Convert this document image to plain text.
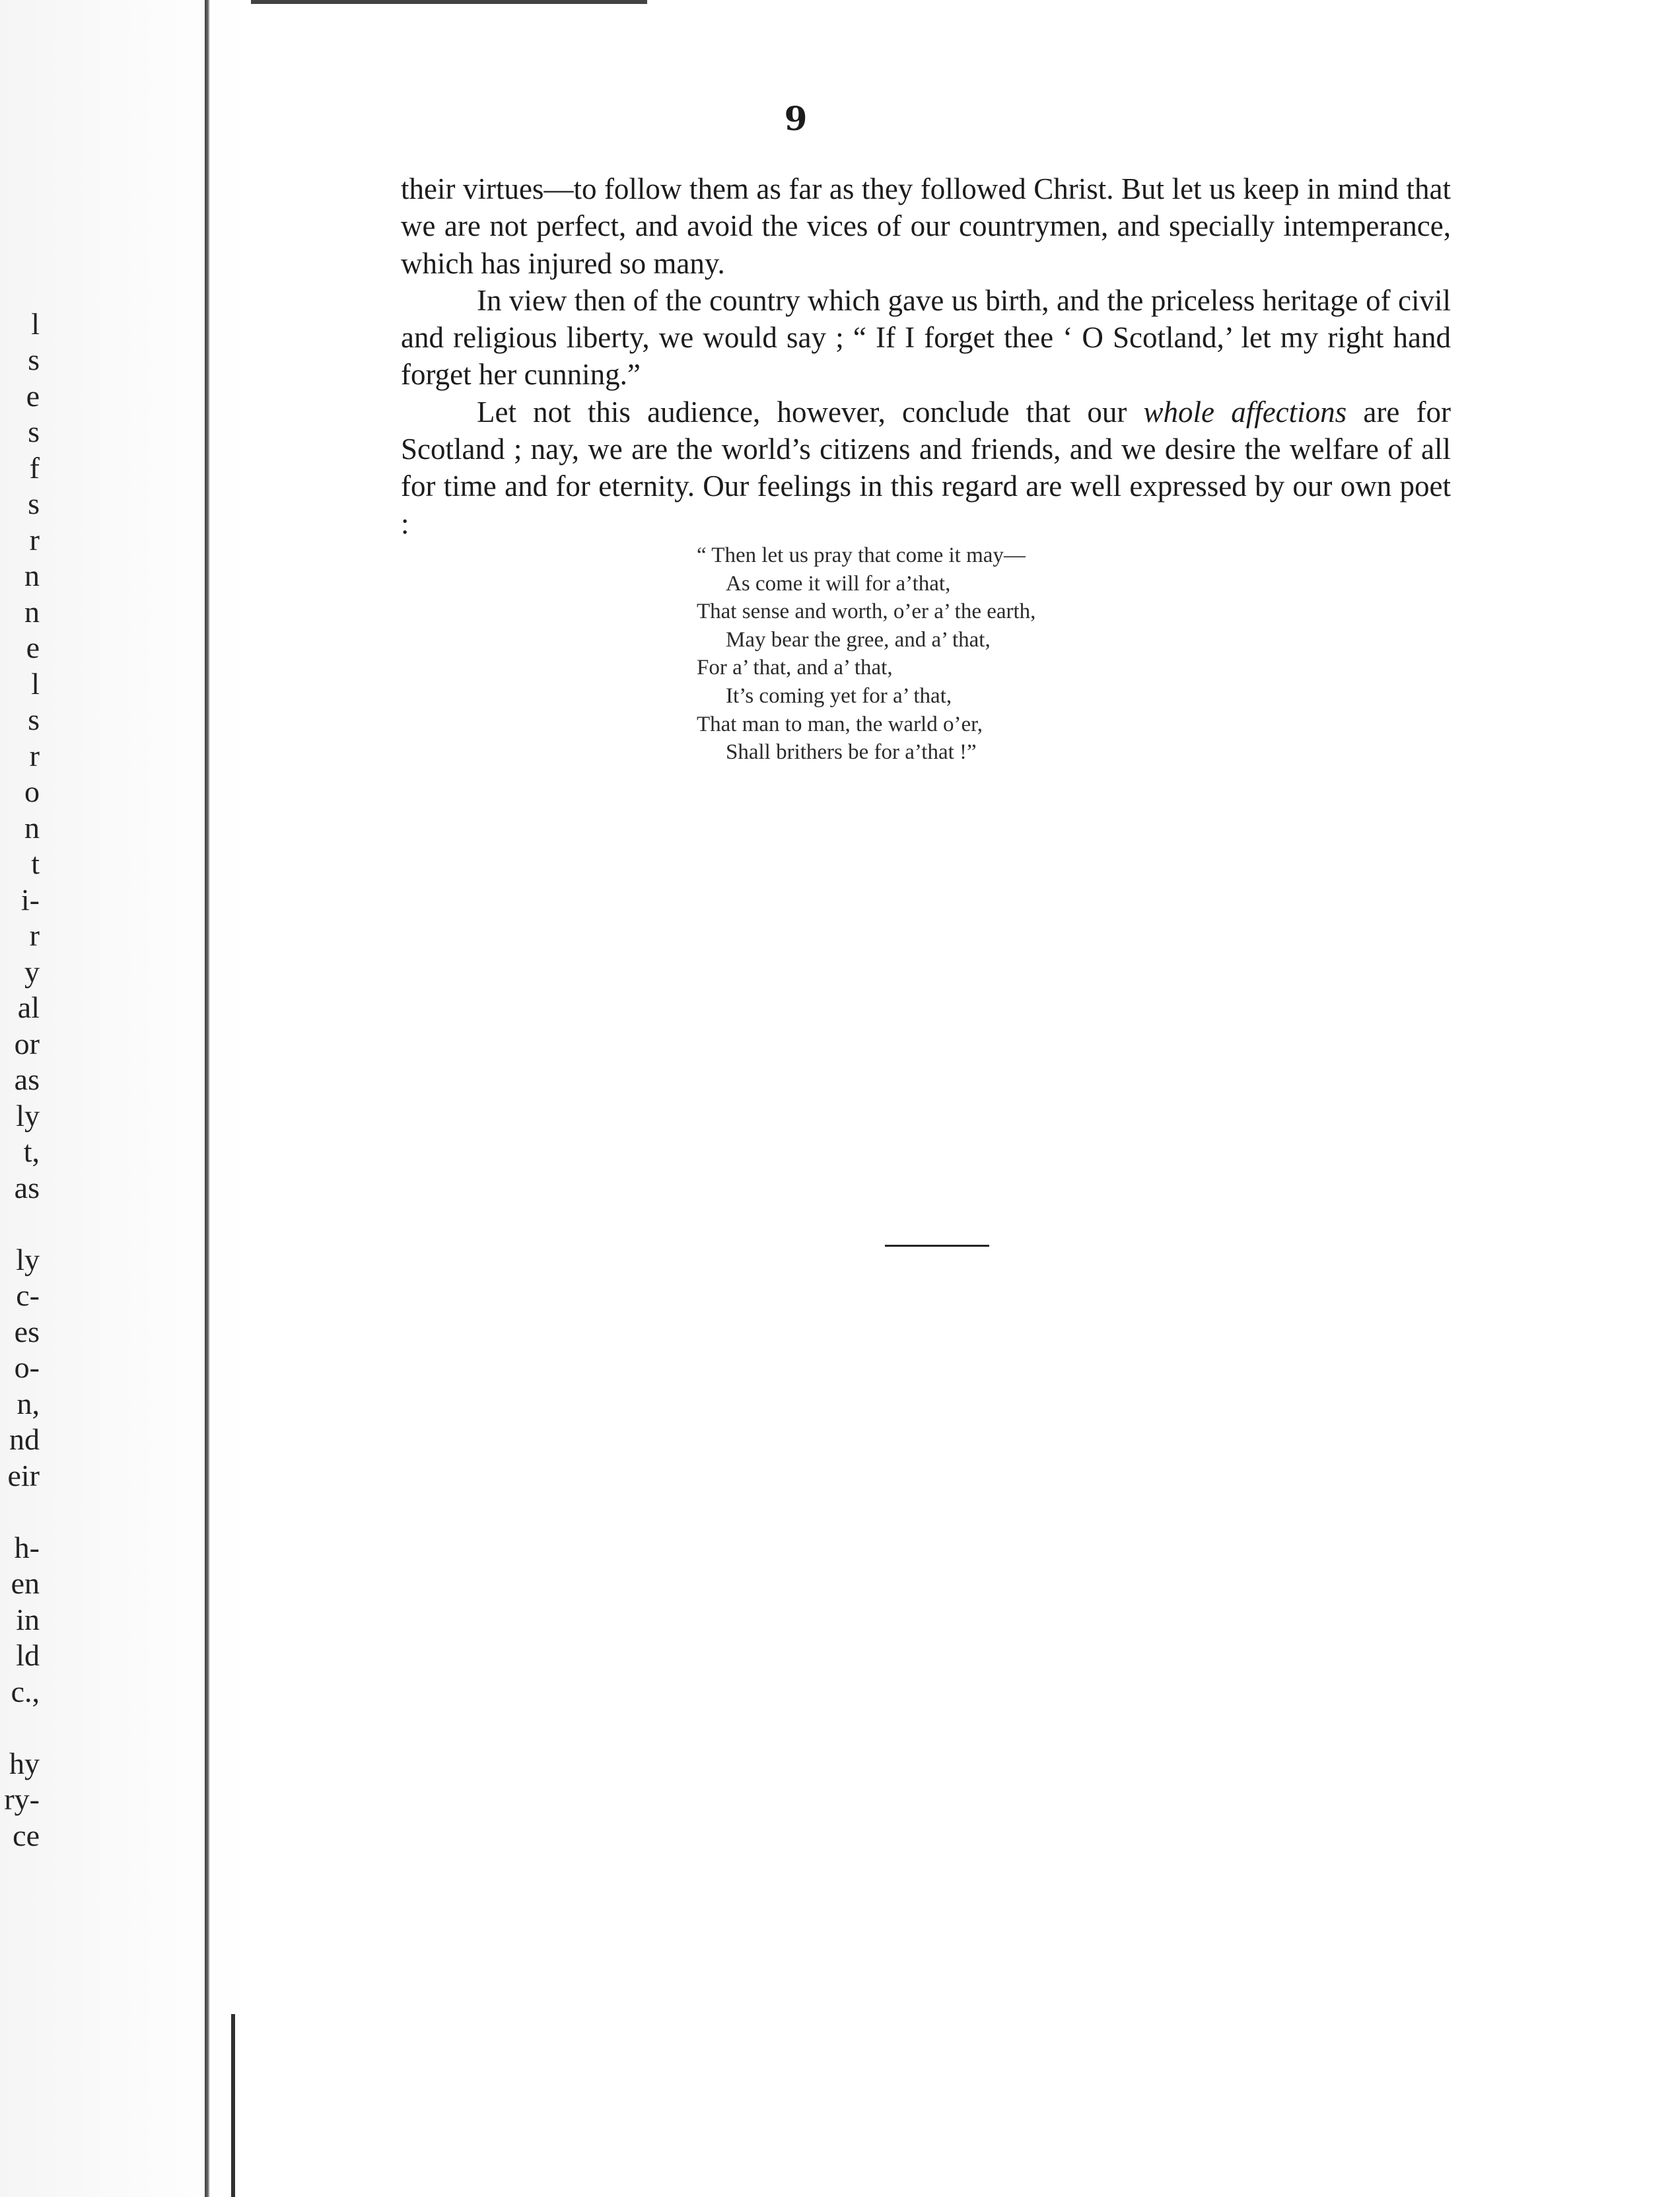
l
s
e
s
f
s
r
n
n
e
l
s
r
o
n
t
i-
r
y
al
or
as
ly
t,
as

ly
c-
es
o-
n,
nd
eir

h-
en
in
ld
c.,

hy
ry-
ce
9

their virtues—to follow them as far as they followed Christ. But let us keep in mind that we are not perfect, and avoid the vices of our countrymen, and specially intemperance, which has injured so many.

In view then of the country which gave us birth, and the priceless heritage of civil and religious liberty, we would say ; “ If I forget thee ‘ O Scotland,’ let my right hand forget her cunning.”

Let not this audience, however, conclude that our whole affections are for Scotland ; nay, we are the world’s citizens and friends, and we desire the welfare of all for time and for eternity. Our feelings in this regard are well expressed by our own poet :

“ Then let us pray that come it may—
As come it will for a’that,
That sense and worth, o’er a’ the earth,
May bear the gree, and a’ that,
For a’ that, and a’ that,
It’s coming yet for a’ that,
That man to man, the warld o’er,
Shall brithers be for a’that !”
